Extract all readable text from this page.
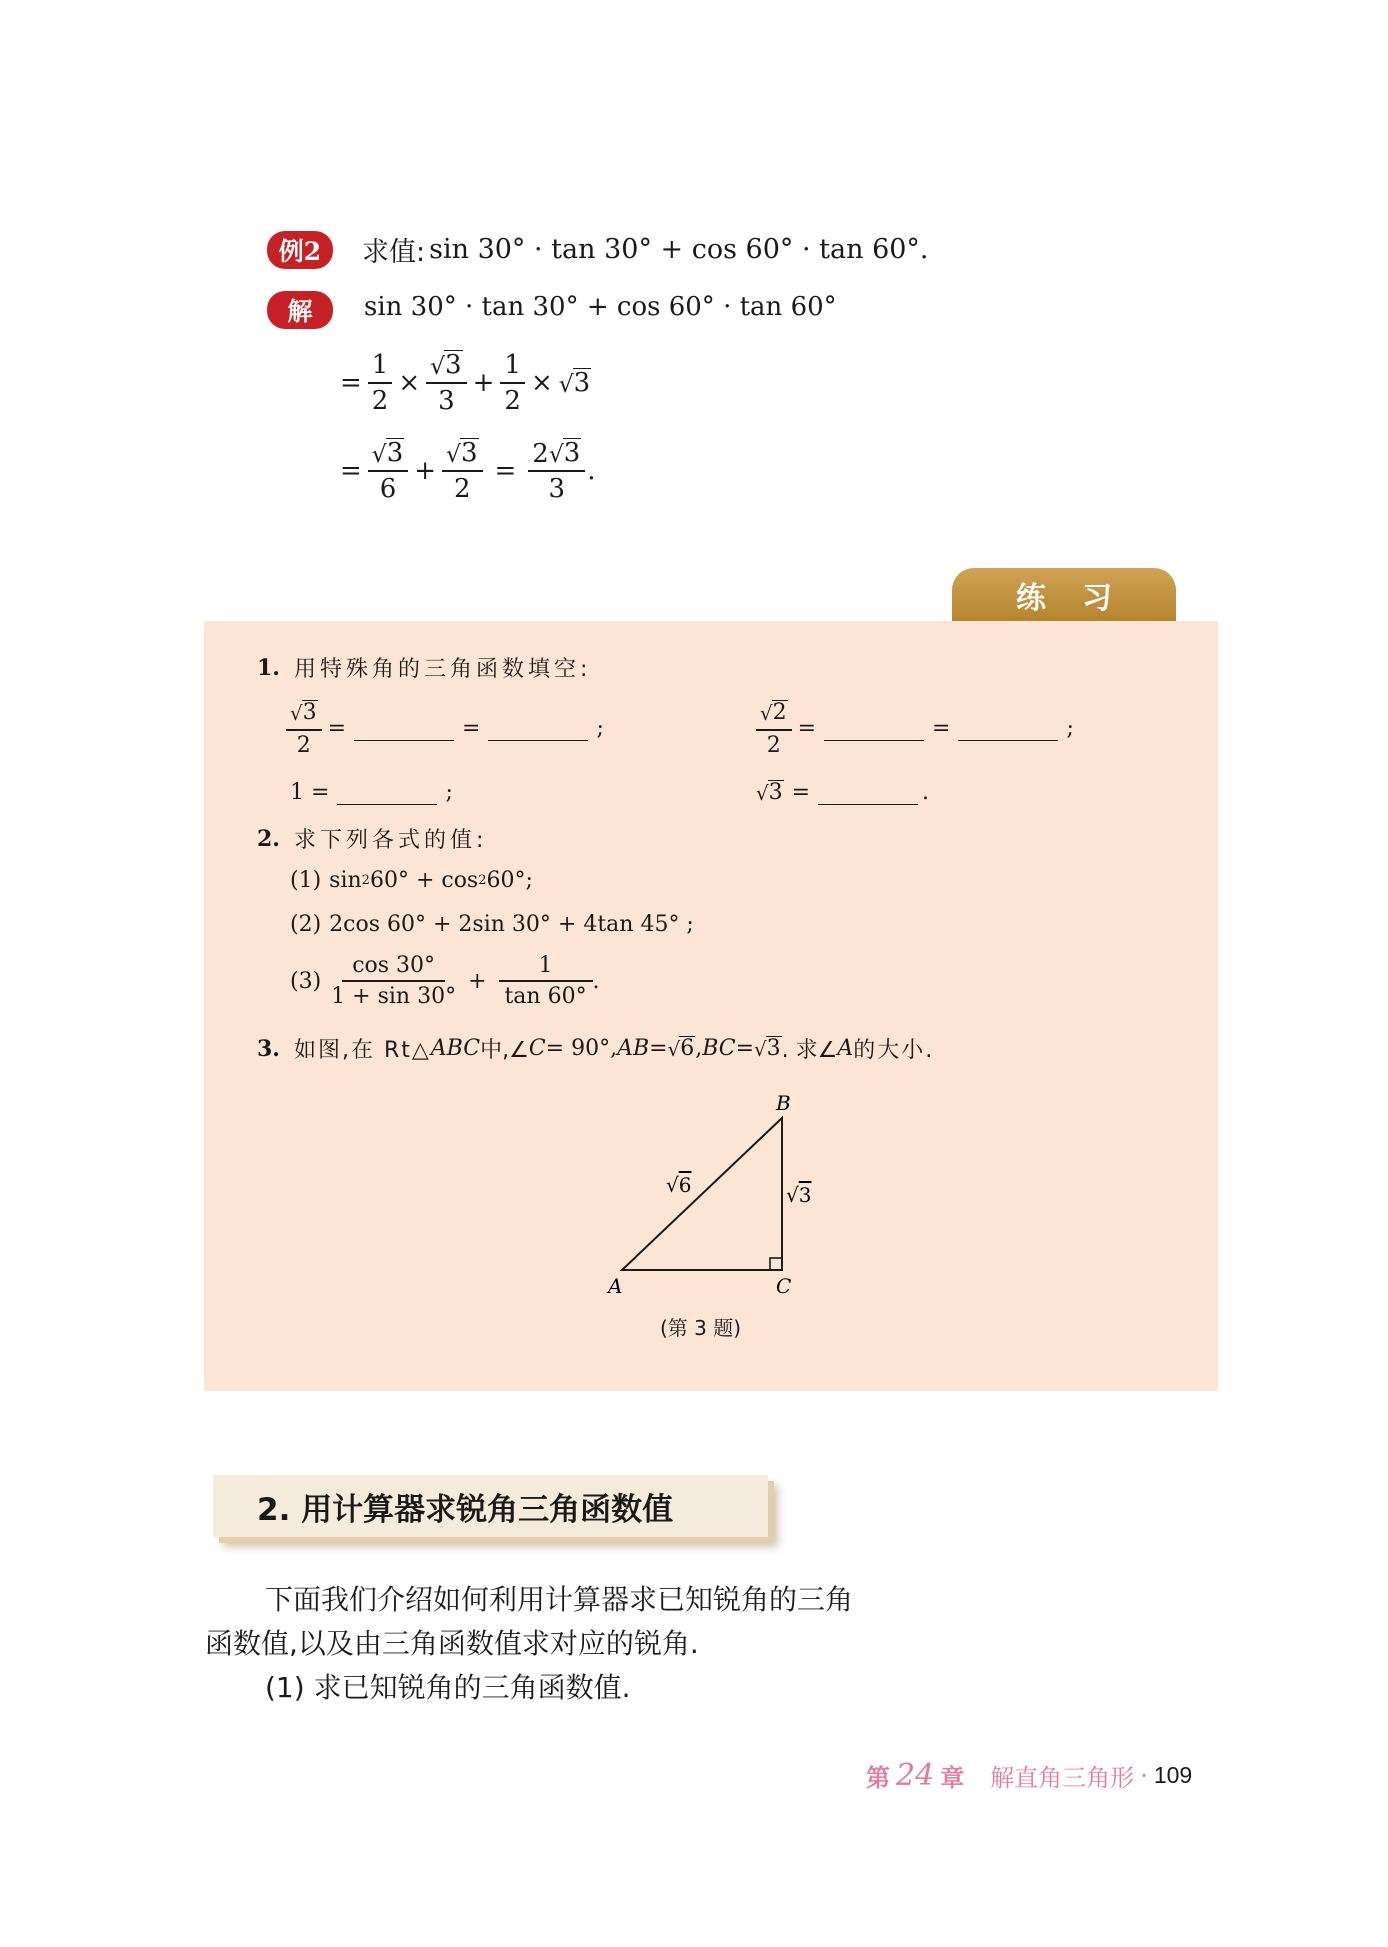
例2 求值: sin 30° · tan 30° + cos 60° · tan 60°.
解 sin 30° · tan 30° + cos 60° · tan 60°
= $\frac{1}{2} \times \frac{√ 3}{3} + \frac{1}{2}$ × √ 3
= $\frac{√ 3}{6} + \frac{√ 3}{2} = \frac{2 √ 3}{3}$ .
练习
1. 用特殊角的三角函数填空:
$\frac{√ 3}{2}$ =	=	;	$\frac{√ 2}{2}$ =	=	;
1 =	;	√ 3 =	.
2. 求下列各式的值:
(1) sin 2 60° + cos 2 60°;
(2) 2cos 60° + 2sin 30° + 4tan 45° ;
$(3) \frac{\cos 30^\circ}{1 + \sin 30^\circ} + \frac{1}{\tan 60^\circ}$ .
3. 如图,在 Rt△ ABC 中,∠ C = 90°, AB = √ 6 , BC = √ 3 . 求∠ A 的大小.
A	C
B
√6	√3
(第 3 题)
2. 用计算器求锐角三角函数值
下面我们介绍如何利用计算器求已知锐角的三角
函数值,以及由三角函数值求对应的锐角.
(1) 求已知锐角的三角函数值.
第 24 章 解直角三角形 · 109
